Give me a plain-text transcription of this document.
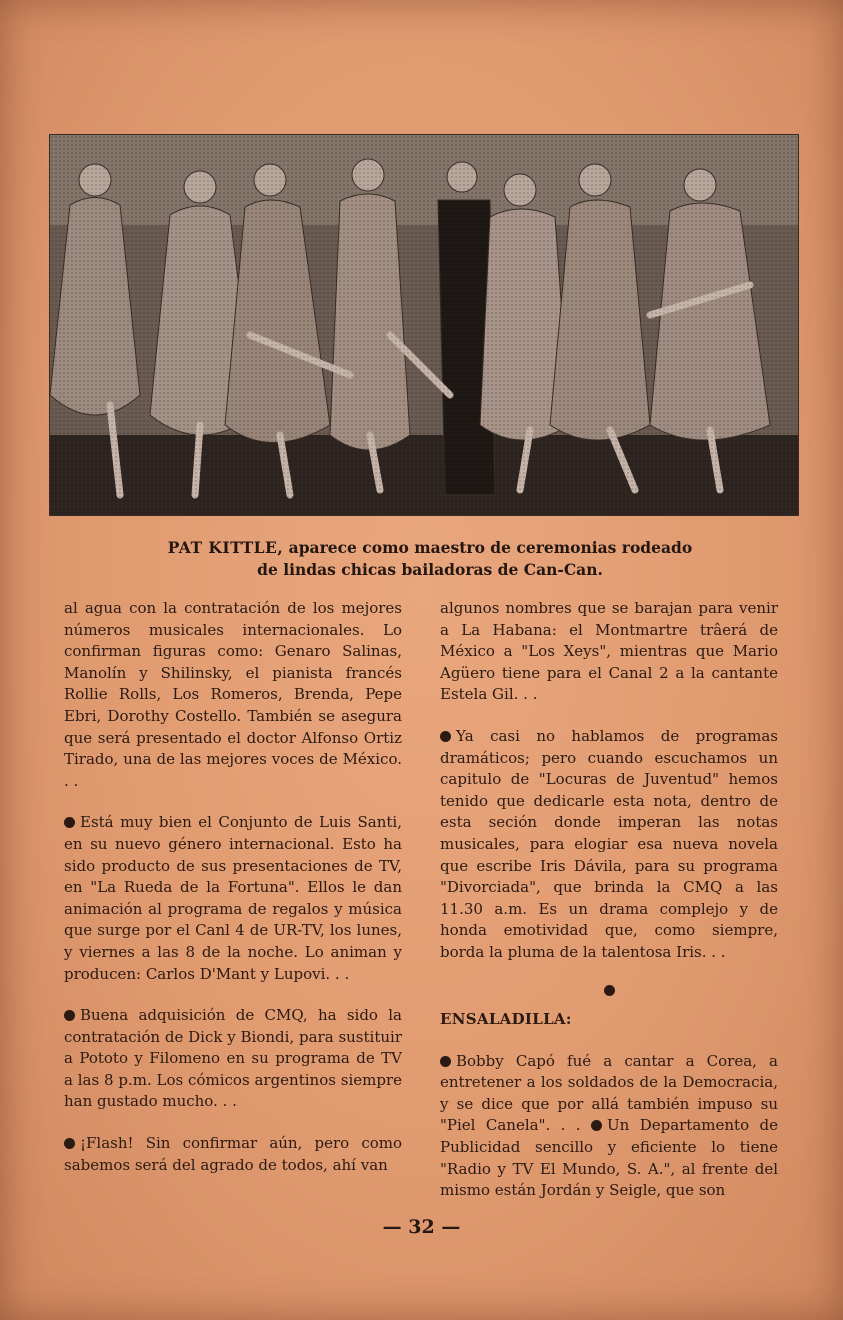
PAT KITTLE, aparece como maestro de ceremonias rodeado
de lindas chicas bailadoras de Can-Can.

al agua con la contratación de los mejores números musicales internacionales. Lo confirman figuras como: Genaro Salinas, Manolín y Shilinsky, el pianista francés Rollie Rolls, Los Romeros, Brenda, Pepe Ebri, Dorothy Costello. También se asegura que será presentado el doctor Alfonso Ortiz Tirado, una de las mejores voces de México. . .

Está muy bien el Conjunto de Luis Santi, en su nuevo género internacional. Esto ha sido producto de sus presentaciones de TV, en "La Rueda de la Fortuna". Ellos le dan animación al programa de regalos y música que surge por el Canl 4 de UR-TV, los lunes, y viernes a las 8 de la noche. Lo animan y producen: Carlos D'Mant y Lupovi. . .

Buena adquisición de CMQ, ha sido la contratación de Dick y Biondi, para sustituir a Pototo y Filomeno en su programa de TV a las 8 p.m. Los cómicos argentinos siempre han gustado mucho. . .

¡Flash! Sin confirmar aún, pero como sabemos será del agrado de todos, ahí van

algunos nombres que se barajan para venir a La Habana: el Montmartre trâerá de México a "Los Xeys", mientras que Mario Agüero tiene para el Canal 2 a la cantante Estela Gil. . .

Ya casi no hablamos de programas dramáticos; pero cuando escuchamos un capitulo de "Locuras de Juventud" hemos tenido que dedicarle esta nota, dentro de esta seción donde imperan las notas musicales, para elogiar esa nueva novela que escribe Iris Dávila, para su programa "Divorciada", que brinda la CMQ a las 11.30 a.m. Es un drama complejo y de honda emotividad que, como siempre, borda la pluma de la talentosa Iris. . .

ENSALADILLA:

Bobby Capó fué a cantar a Corea, a entretener a los soldados de la Democracia, y se dice que por allá también impuso su "Piel Canela". . . Un Departamento de Publicidad sencillo y eficiente lo tiene "Radio y TV El Mundo, S. A.", al frente del mismo están Jordán y Seigle, que son

— 32 —
